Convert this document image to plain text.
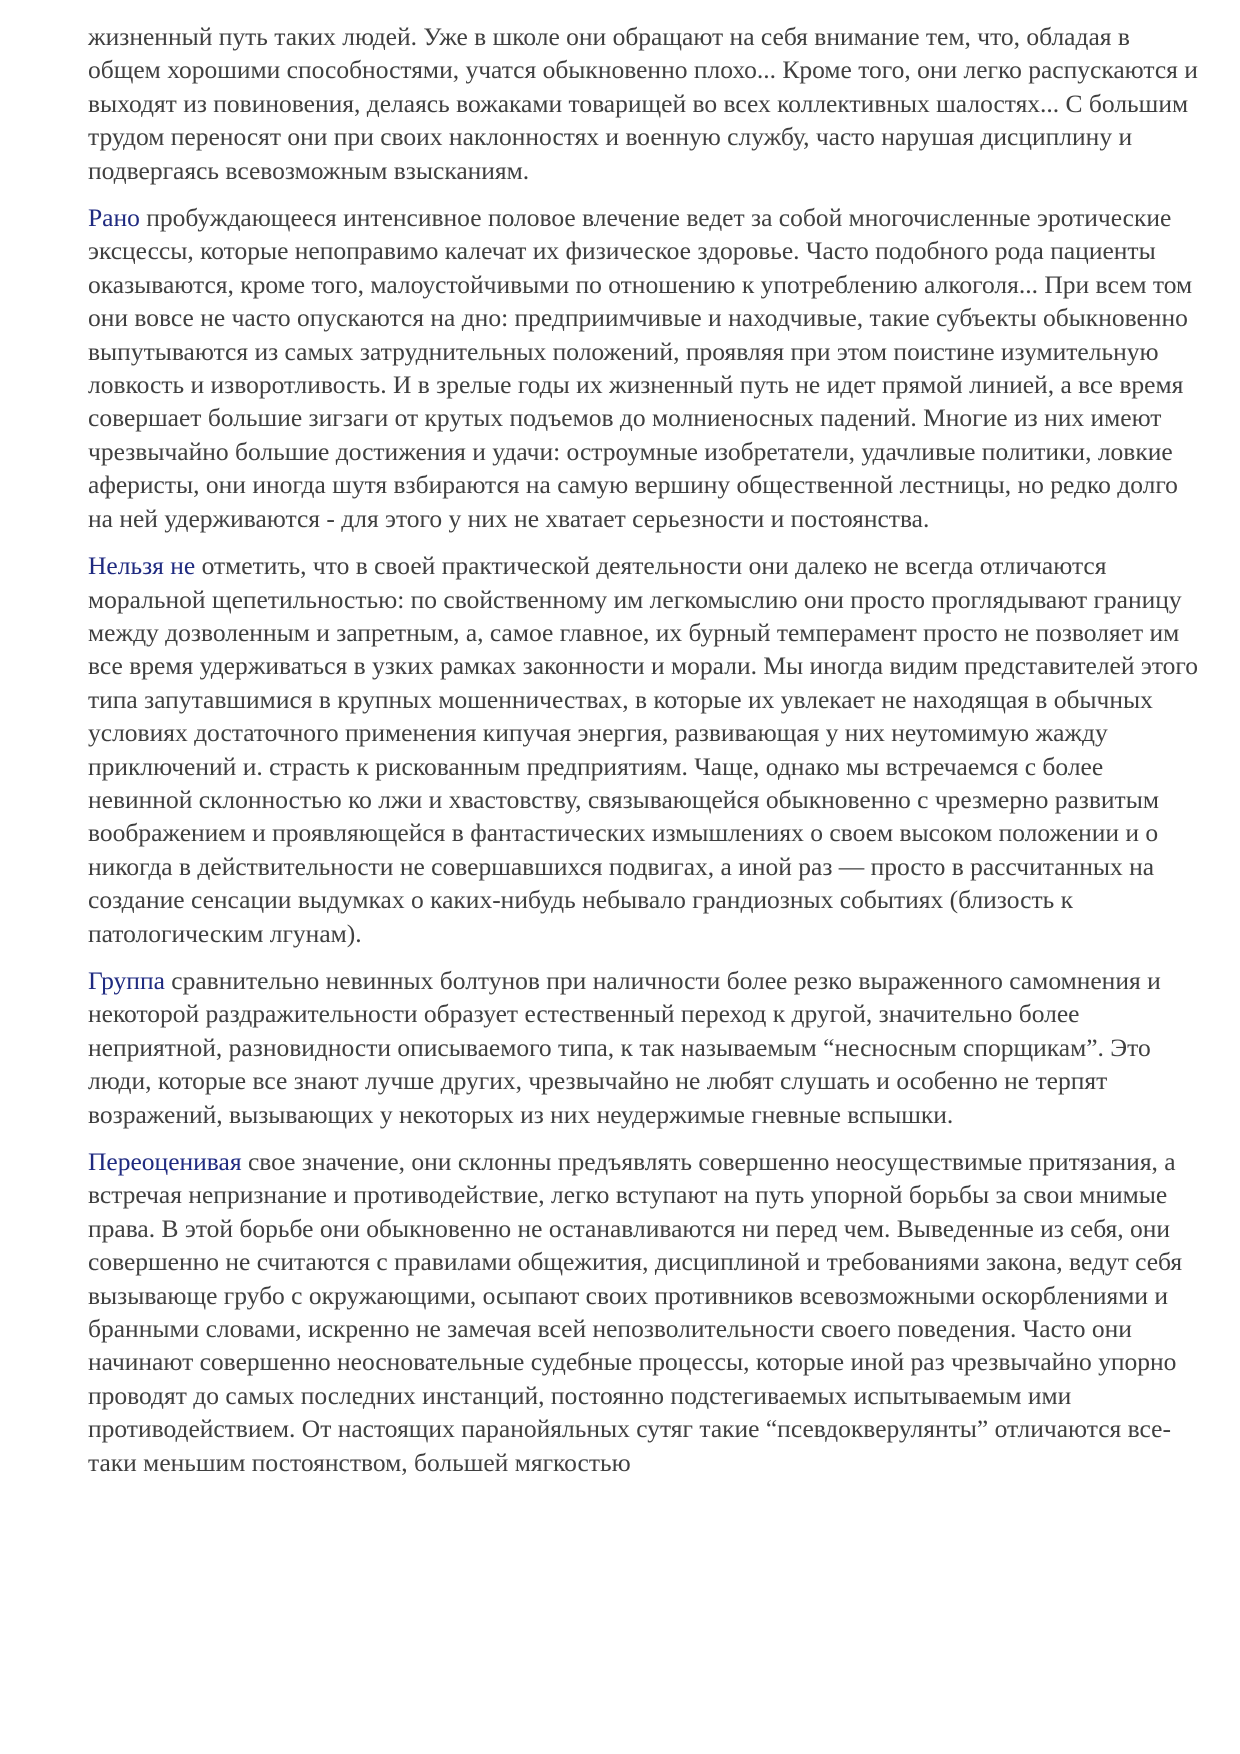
жизненный путь таких людей. Уже в школе они обращают на себя внимание тем, что, обладая в общем хорошими способностями, учатся обыкновенно плохо... Кроме того, они легко распускаются и выходят из повиновения, делаясь вожаками товарищей во всех коллективных шалостях... С большим трудом переносят они при своих наклонностях и военную службу, часто нарушая дисциплину и подвергаясь всевозможным взысканиям.

Рано пробуждающееся интенсивное половое влечение ведет за собой многочисленные эротические эксцессы, которые непоправимо калечат их физическое здоровье. Часто подобного рода пациенты оказываются, кроме того, малоустойчивыми по отношению к употреблению алкоголя... При всем том они вовсе не часто опускаются на дно: предприимчивые и находчивые, такие субъекты обыкновенно выпутываются из самых затруднительных положений, проявляя при этом поистине изумительную ловкость и изворотливость. И в зрелые годы их жизненный путь не идет прямой линией, а все время совершает большие зигзаги от крутых подъемов до молниеносных падений. Многие из них имеют чрезвычайно большие достижения и удачи: остроумные изобретатели, удачливые политики, ловкие аферисты, они иногда шутя взбираются на самую вершину общественной лестницы, но редко долго на ней удерживаются - для этого у них не хватает серьезности и постоянства.

Нельзя не отметить, что в своей практической деятельности они далеко не всегда отличаются моральной щепетильностью: по свойственному им легкомыслию они просто проглядывают границу между дозволенным и запретным, а, самое главное, их бурный темперамент просто не позволяет им все время удерживаться в узких рамках законности и морали. Мы иногда видим представителей этого типа запутавшимися в крупных мошенничествах, в которые их увлекает не находящая в обычных условиях достаточного применения кипучая энергия, развивающая у них неутомимую жажду приключений и. страсть к рискованным предприятиям. Чаще, однако мы встречаемся с более невинной склонностью ко лжи и хвастовству, связывающейся обыкновенно с чрезмерно развитым воображением и проявляющейся в фантастических измышлениях о своем высоком положении и о никогда в действительности не совершавшихся подвигах, а иной раз — просто в рассчитанных на создание сенсации выдумках о каких-нибудь небывало грандиозных событиях (близость к патологическим лгунам).

Группа сравнительно невинных болтунов при наличности более резко выраженного самомнения и некоторой раздражительности образует естественный переход к другой, значительно более неприятной, разновидности описываемого типа, к так называемым “несносным спорщикам”. Это люди, которые все знают лучше других, чрезвычайно не любят слушать и особенно не терпят возражений, вызывающих у некоторых из них неудержимые гневные вспышки.

Переоценивая свое значение, они склонны предъявлять совершенно неосуществимые притязания, а встречая непризнание и противодействие, легко вступают на путь упорной борьбы за свои мнимые права. В этой борьбе они обыкновенно не останавливаются ни перед чем. Выведенные из себя, они совершенно не считаются с правилами общежития, дисциплиной и требованиями закона, ведут себя вызывающе грубо с окружающими, осыпают своих противников всевозможными оскорблениями и бранными словами, искренно не замечая всей непозволительности своего поведения. Часто они начинают совершенно неосновательные судебные процессы, которые иной раз чрезвычайно упорно проводят до самых последних инстанций, постоянно подстегиваемых испытываемым ими противодействием. От настоящих паранойяльных сутяг такие “псевдокверулянты” отличаются все-таки меньшим постоянством, большей мягкостью
